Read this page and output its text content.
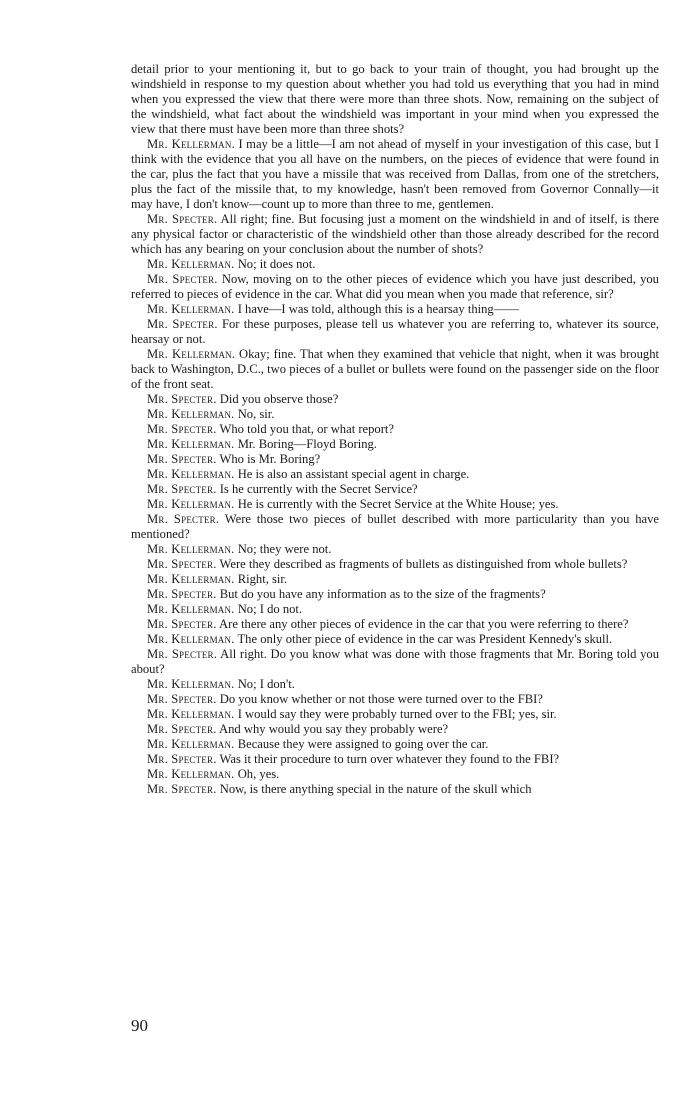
detail prior to your mentioning it, but to go back to your train of thought, you had brought up the windshield in response to my question about whether you had told us everything that you had in mind when you expressed the view that there were more than three shots. Now, remaining on the subject of the windshield, what fact about the windshield was important in your mind when you expressed the view that there must have been more than three shots?

Mr. Kellerman. I may be a little—I am not ahead of myself in your investigation of this case, but I think with the evidence that you all have on the numbers, on the pieces of evidence that were found in the car, plus the fact that you have a missile that was received from Dallas, from one of the stretchers, plus the fact of the missile that, to my knowledge, hasn't been removed from Governor Connally—it may have, I don't know—count up to more than three to me, gentlemen.

Mr. Specter. All right; fine. But focusing just a moment on the windshield in and of itself, is there any physical factor or characteristic of the windshield other than those already described for the record which has any bearing on your conclusion about the number of shots?

Mr. Kellerman. No; it does not.

Mr. Specter. Now, moving on to the other pieces of evidence which you have just described, you referred to pieces of evidence in the car. What did you mean when you made that reference, sir?

Mr. Kellerman. I have—I was told, although this is a hearsay thing——

Mr. Specter. For these purposes, please tell us whatever you are referring to, whatever its source, hearsay or not.

Mr. Kellerman. Okay; fine. That when they examined that vehicle that night, when it was brought back to Washington, D.C., two pieces of a bullet or bullets were found on the passenger side on the floor of the front seat.

Mr. Specter. Did you observe those?

Mr. Kellerman. No, sir.

Mr. Specter. Who told you that, or what report?

Mr. Kellerman. Mr. Boring—Floyd Boring.

Mr. Specter. Who is Mr. Boring?

Mr. Kellerman. He is also an assistant special agent in charge.

Mr. Specter. Is he currently with the Secret Service?

Mr. Kellerman. He is currently with the Secret Service at the White House; yes.

Mr. Specter. Were those two pieces of bullet described with more particularity than you have mentioned?

Mr. Kellerman. No; they were not.

Mr. Specter. Were they described as fragments of bullets as distinguished from whole bullets?

Mr. Kellerman. Right, sir.

Mr. Specter. But do you have any information as to the size of the fragments?

Mr. Kellerman. No; I do not.

Mr. Specter. Are there any other pieces of evidence in the car that you were referring to there?

Mr. Kellerman. The only other piece of evidence in the car was President Kennedy's skull.

Mr. Specter. All right. Do you know what was done with those fragments that Mr. Boring told you about?

Mr. Kellerman. No; I don't.

Mr. Specter. Do you know whether or not those were turned over to the FBI?

Mr. Kellerman. I would say they were probably turned over to the FBI; yes, sir.

Mr. Specter. And why would you say they probably were?

Mr. Kellerman. Because they were assigned to going over the car.

Mr. Specter. Was it their procedure to turn over whatever they found to the FBI?

Mr. Kellerman. Oh, yes.

Mr. Specter. Now, is there anything special in the nature of the skull which

90
